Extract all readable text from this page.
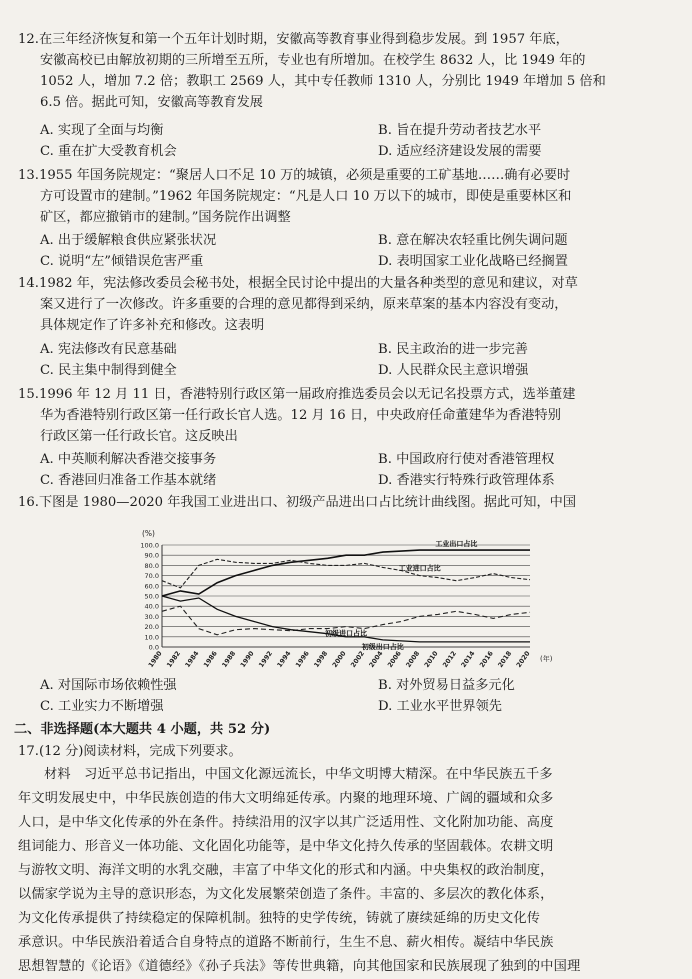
12.在三年经济恢复和第一个五年计划时期，安徽高等教育事业得到稳步发展。到 1957 年底，

安徽高校已由解放初期的三所增至五所，专业也有所增加。在校学生 8632 人，比 1949 年的

1052 人，增加 7.2 倍；教职工 2569 人，其中专任教师 1310 人，分别比 1949 年增加 5 倍和

6.5 倍。据此可知，安徽高等教育发展

A. 实现了全面与均衡	B. 旨在提升劳动者技艺水平
C. 重在扩大受教育机会	D. 适应经济建设发展的需要

13.1955 年国务院规定：“聚居人口不足 10 万的城镇，必须是重要的工矿基地……确有必要时

方可设置市的建制。”1962 年国务院规定：“凡是人口 10 万以下的城市，即使是重要林区和

矿区，都应撤销市的建制。”国务院作出调整

A. 出于缓解粮食供应紧张状况	B. 意在解决农轻重比例失调问题
C. 说明“左”倾错误危害严重	D. 表明国家工业化战略已经搁置

14.1982 年，宪法修改委员会秘书处，根据全民讨论中提出的大量各种类型的意见和建议，对草

案又进行了一次修改。许多重要的合理的意见都得到采纳，原来草案的基本内容没有变动，

具体规定作了许多补充和修改。这表明

A. 宪法修改有民意基础	B. 民主政治的进一步完善
C. 民主集中制得到健全	D. 人民群众民主意识增强

15.1996 年 12 月 11 日，香港特别行政区第一届政府推选委员会以无记名投票方式，选举董建

华为香港特别行政区第一任行政长官人选。12 月 16 日，中央政府任命董建华为香港特别

行政区第一任行政长官。这反映出

A. 中英顺利解决香港交接事务	B. 中国政府行使对香港管理权
C. 香港回归准备工作基本就绪	D. 香港实行特殊行政管理体系

16.下图是 1980—2020 年我国工业进出口、初级产品进出口占比统计曲线图。据此可知，中国

(%)
0.0
10.0
20.0
30.0
40.0
50.0
60.0
70.0
80.0
90.0
100.0
1980 1982 1984 1986 1988 1990 1992 1994 1996 1998 2000 2002 2004 2006 2008 2010 2012 2014 2016 2018 2020 (年)
工业出口占比
工业进口占比
初级进口占比
初级出口占比
A. 对国际市场依赖性强	B. 对外贸易日益多元化
C. 工业实力不断增强	D. 工业水平世界领先
二、非选择题(本大题共 4 小题，共 52 分)
17.(12 分)阅读材料，完成下列要求。

材料　习近平总书记指出，中国文化源远流长，中华文明博大精深。在中华民族五千多

年文明发展史中，中华民族创造的伟大文明绵延传承。内聚的地理环境、广阔的疆域和众多

人口，是中华文化传承的外在条件。持续沿用的汉字以其广泛适用性、文化附加功能、高度

组词能力、形音义一体功能、文化固化功能等，是中华文化持久传承的坚固载体。农耕文明

与游牧文明、海洋文明的水乳交融，丰富了中华文化的形式和内涵。中央集权的政治制度，

以儒家学说为主导的意识形态，为文化发展繁荣创造了条件。丰富的、多层次的教化体系，

为文化传承提供了持续稳定的保障机制。独特的史学传统，铸就了赓续延绵的历史文化传

承意识。中华民族沿着适合自身特点的道路不断前行，生生不息、薪火相传。凝结中华民族

思想智慧的《论语》《道德经》《孙子兵法》等传世典籍，向其他国家和民族展现了独到的中国理
